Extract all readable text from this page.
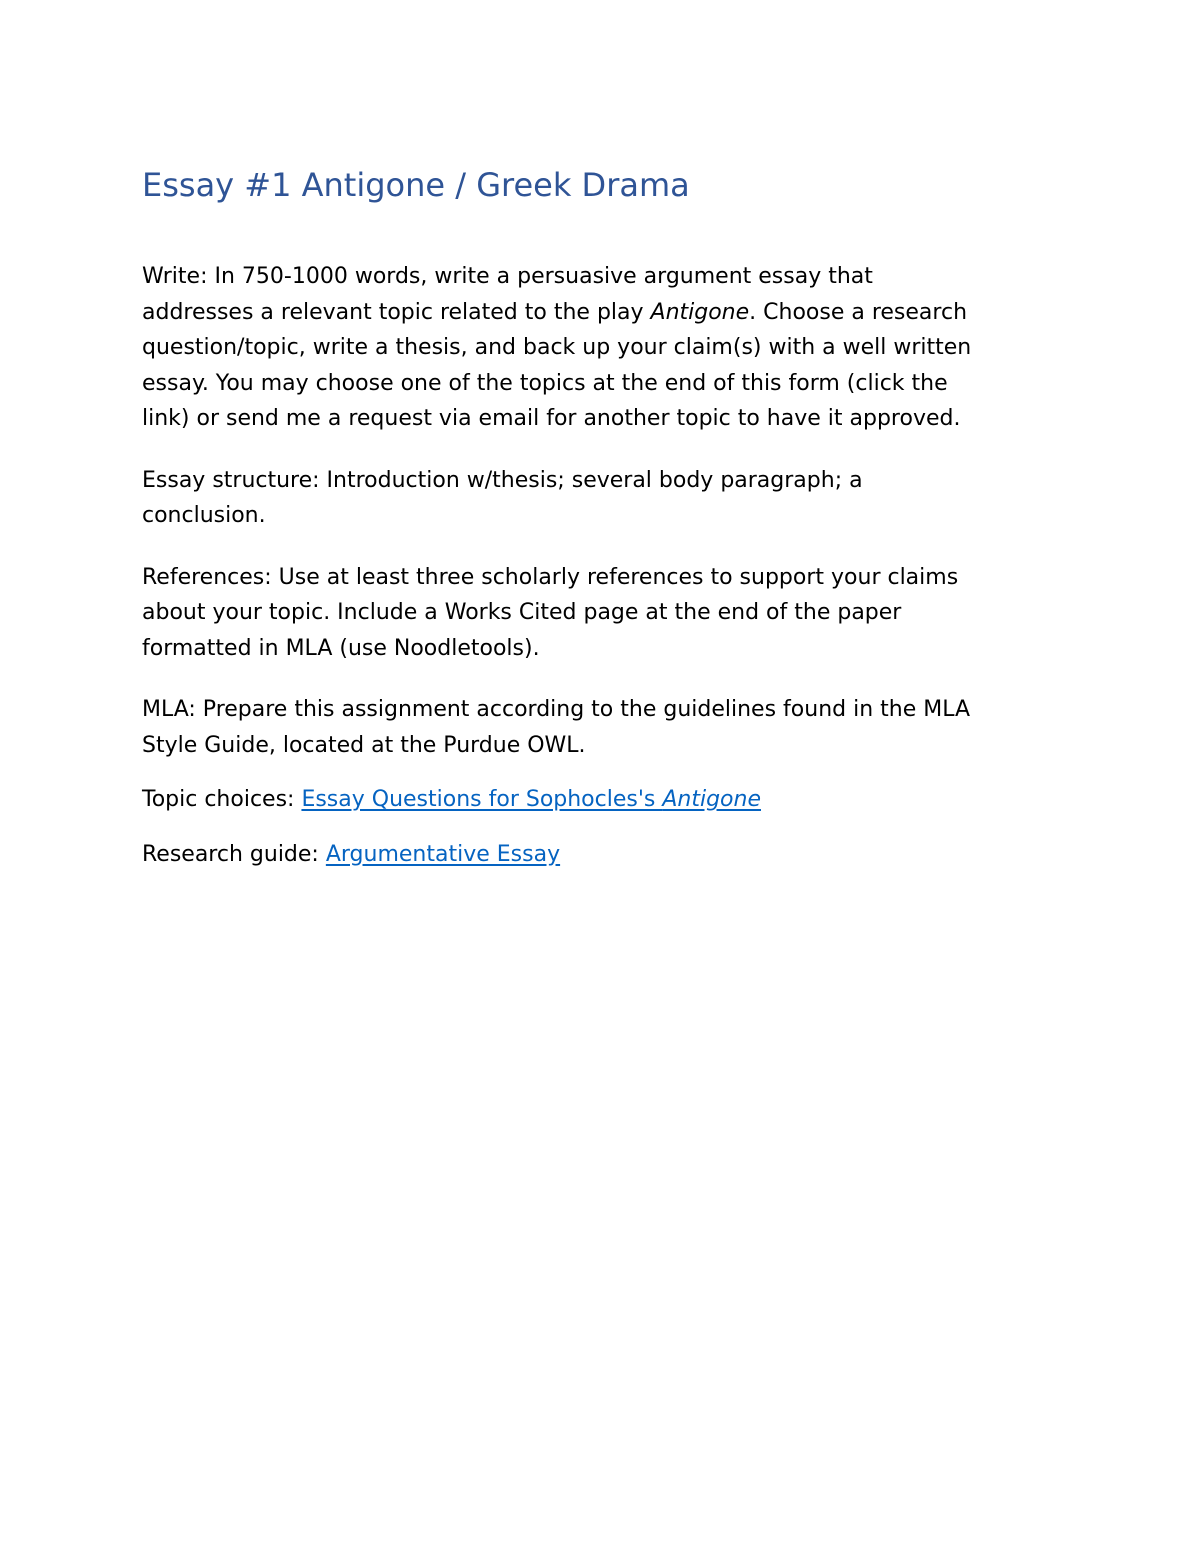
Essay #1 Antigone / Greek Drama

Write: In 750-1000 words, write a persuasive argument essay that
addresses a relevant topic related to the play Antigone. Choose a research
question/topic, write a thesis, and back up your claim(s) with a well written
essay. You may choose one of the topics at the end of this form (click the
link) or send me a request via email for another topic to have it approved.

Essay structure: Introduction w/thesis; several body paragraph; a
conclusion.

References: Use at least three scholarly references to support your claims
about your topic. Include a Works Cited page at the end of the paper
formatted in MLA (use Noodletools).

MLA: Prepare this assignment according to the guidelines found in the MLA
Style Guide, located at the Purdue OWL.

Topic choices: Essay Questions for Sophocles's Antigone

Research guide: Argumentative Essay
